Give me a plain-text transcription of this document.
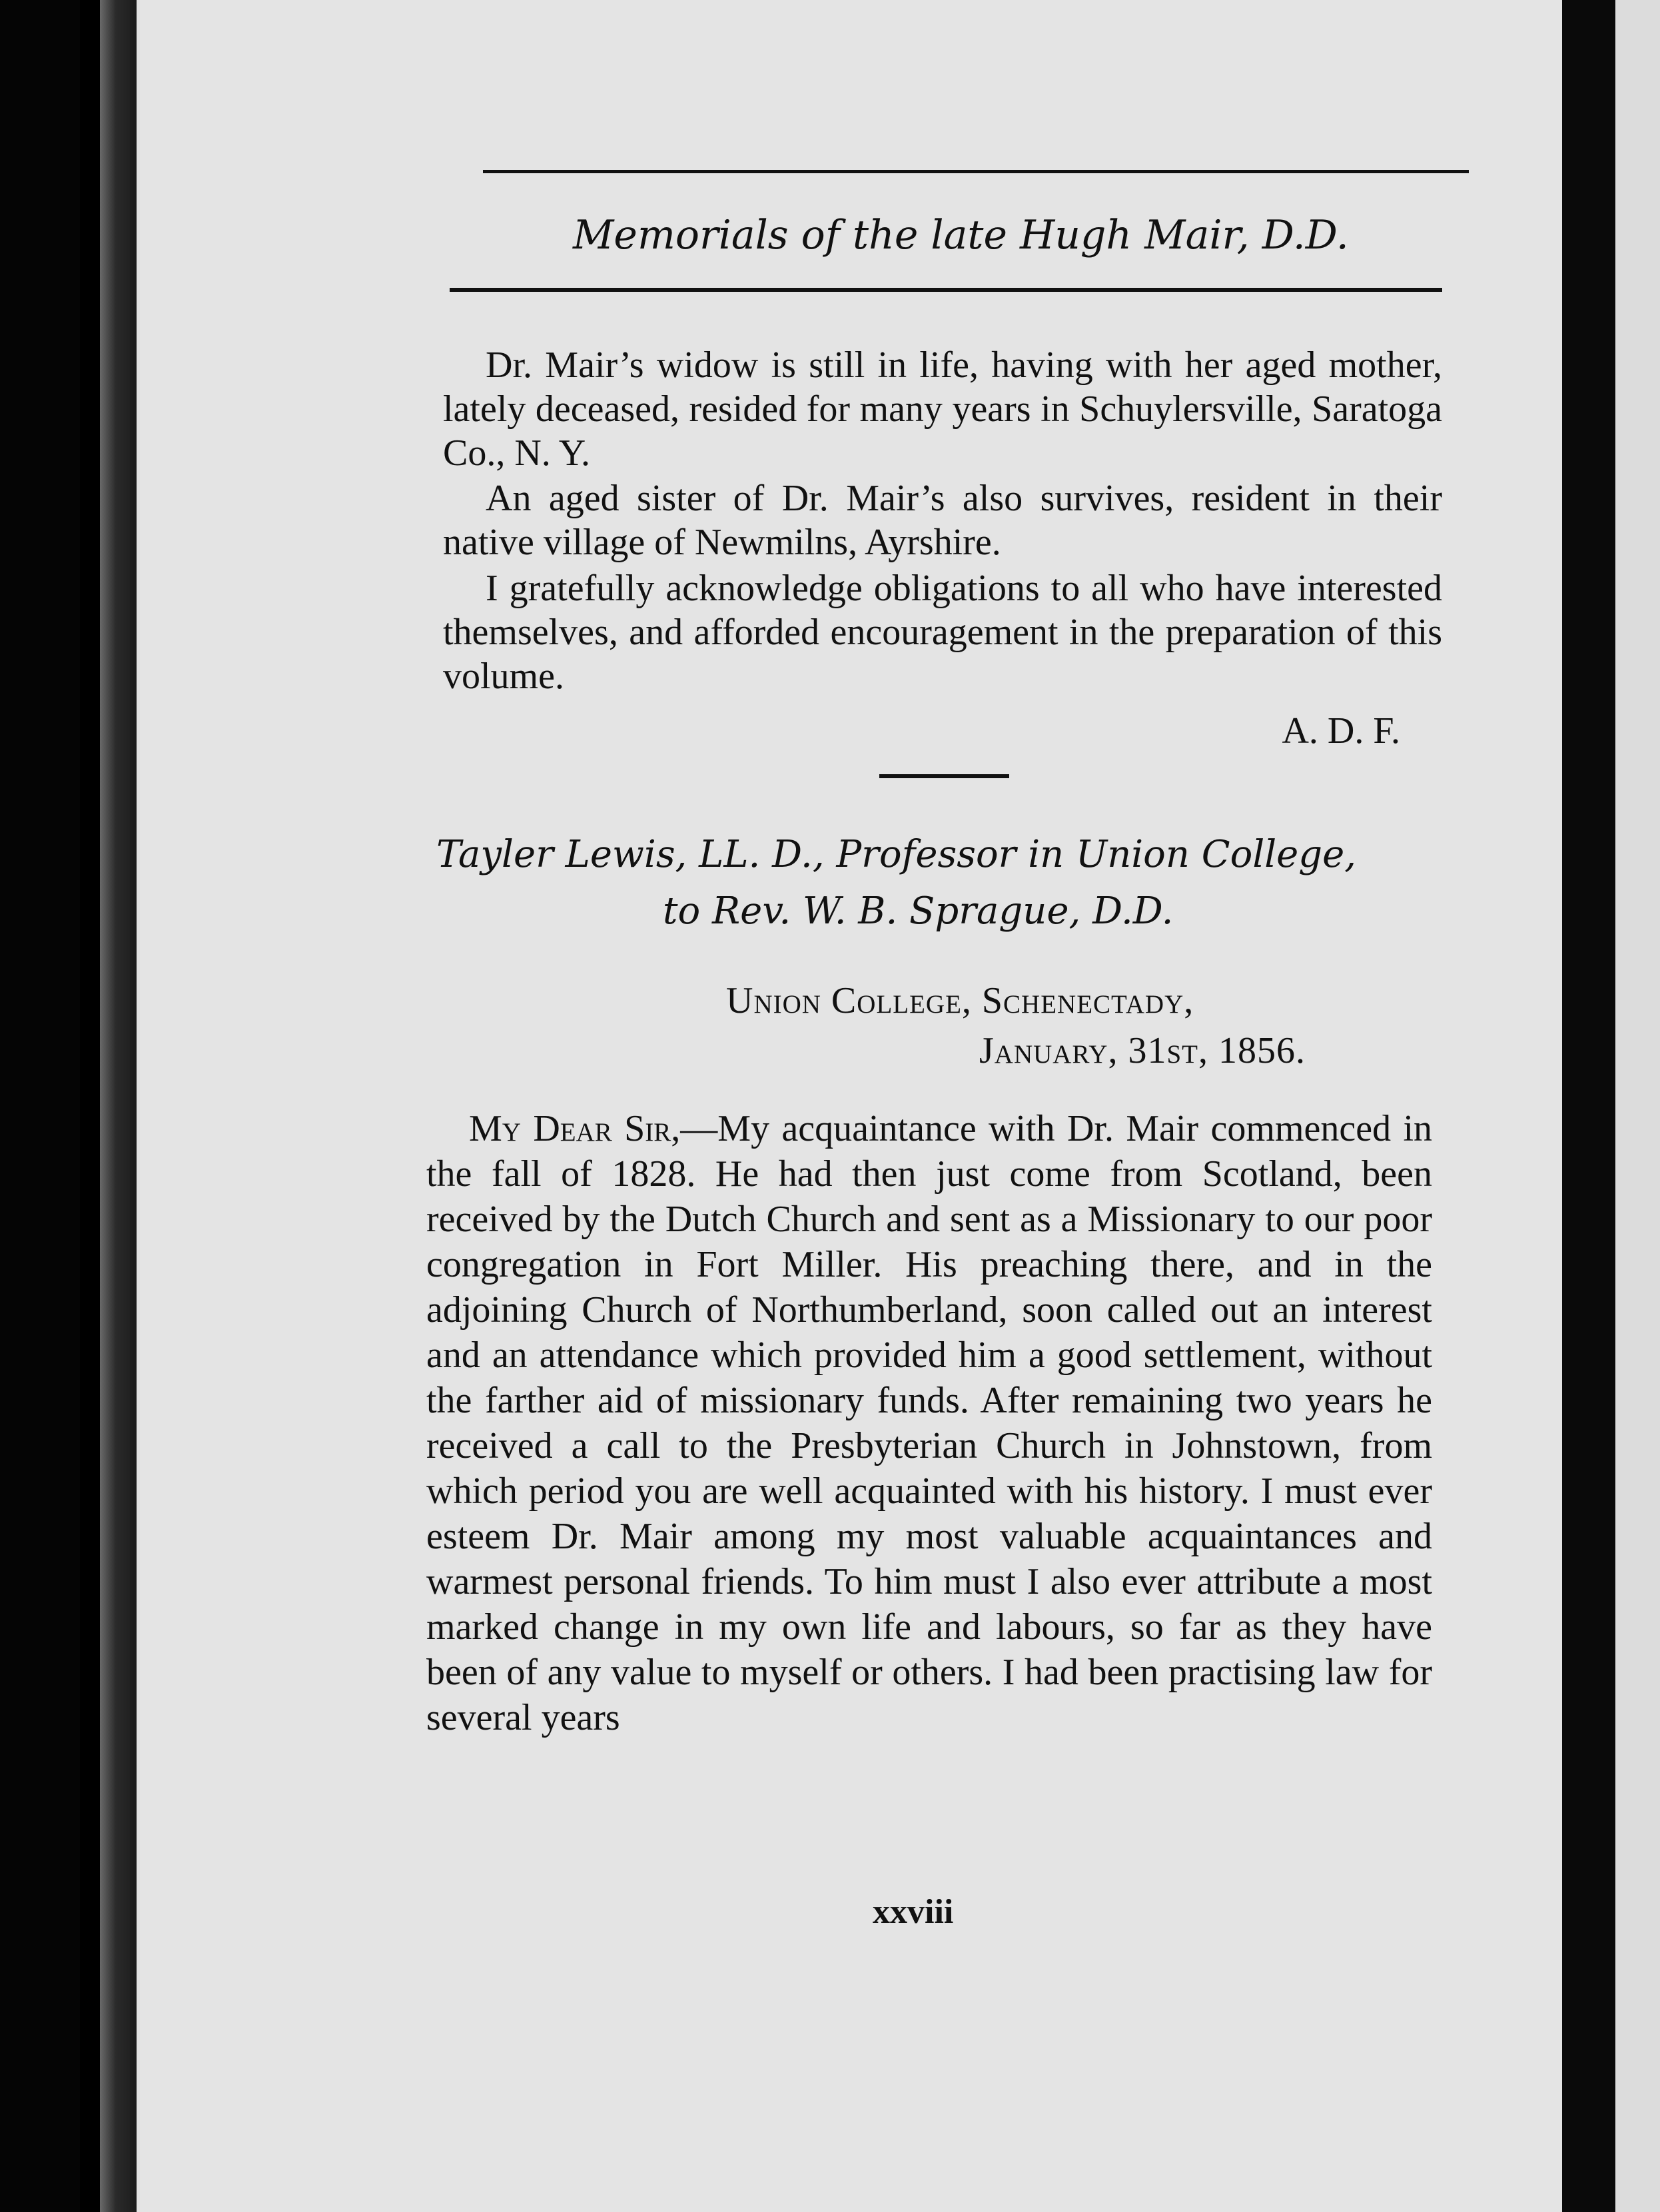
Memorials of the late Hugh Mair, D.D.
Dr. Mair’s widow is still in life, having with her aged mother, lately deceased, resided for many years in Schuylersville, Saratoga Co., N. Y.
An aged sister of Dr. Mair’s also survives, resident in their native village of Newmilns, Ayrshire.
I gratefully acknowledge obligations to all who have interested themselves, and afforded encouragement in the preparation of this volume.
A. D. F.
Tayler Lewis, LL. D., Professor in Union College,
to Rev. W. B. Sprague, D.D.
Union College, Schenectady,
January, 31st, 1856.
My Dear Sir,—My acquaintance with Dr. Mair commenced in the fall of 1828. He had then just come from Scotland, been received by the Dutch Church and sent as a Missionary to our poor congregation in Fort Miller. His preaching there, and in the adjoining Church of Northumberland, soon called out an interest and an attendance which provided him a good settlement, without the farther aid of missionary funds. After remaining two years he received a call to the Presbyterian Church in Johnstown, from which period you are well acquainted with his history. I must ever esteem Dr. Mair among my most valuable acquaintances and warmest personal friends. To him must I also ever attribute a most marked change in my own life and labours, so far as they have been of any value to myself or others. I had been practising law for several years
xxviii
